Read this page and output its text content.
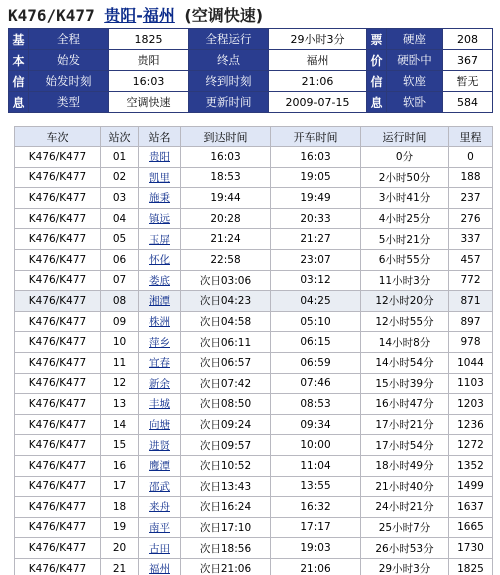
K476/K477 贵阳-福州 (空调快速)
基	全程	1825	全程运行	29小时3分	票	硬座	208
本	始发	贵阳	终点	福州	价	硬卧中	367
信	始发时刻	16:03	终到时刻	21:06	信	软座	暂无
息	类型	空调快速	更新时间	2009-07-15	息	软卧	584
车次	站次	站名	到达时间	开车时间	运行时间	里程
K476/K477	01	贵阳	16:03	16:03	0分	0
K476/K477	02	凯里	18:53	19:05	2小时50分	188
K476/K477	03	施秉	19:44	19:49	3小时41分	237
K476/K477	04	镇远	20:28	20:33	4小时25分	276
K476/K477	05	玉屏	21:24	21:27	5小时21分	337
K476/K477	06	怀化	22:58	23:07	6小时55分	457
K476/K477	07	娄底	次日03:06	03:12	11小时3分	772
K476/K477	08	湘潭	次日04:23	04:25	12小时20分	871
K476/K477	09	株洲	次日04:58	05:10	12小时55分	897
K476/K477	10	萍乡	次日06:11	06:15	14小时8分	978
K476/K477	11	宜春	次日06:57	06:59	14小时54分	1044
K476/K477	12	新余	次日07:42	07:46	15小时39分	1103
K476/K477	13	丰城	次日08:50	08:53	16小时47分	1203
K476/K477	14	向塘	次日09:24	09:34	17小时21分	1236
K476/K477	15	进贤	次日09:57	10:00	17小时54分	1272
K476/K477	16	鹰潭	次日10:52	11:04	18小时49分	1352
K476/K477	17	邵武	次日13:43	13:55	21小时40分	1499
K476/K477	18	来舟	次日16:24	16:32	24小时21分	1637
K476/K477	19	南平	次日17:10	17:17	25小时7分	1665
K476/K477	20	古田	次日18:56	19:03	26小时53分	1730
K476/K477	21	福州	次日21:06	21:06	29小时3分	1825
